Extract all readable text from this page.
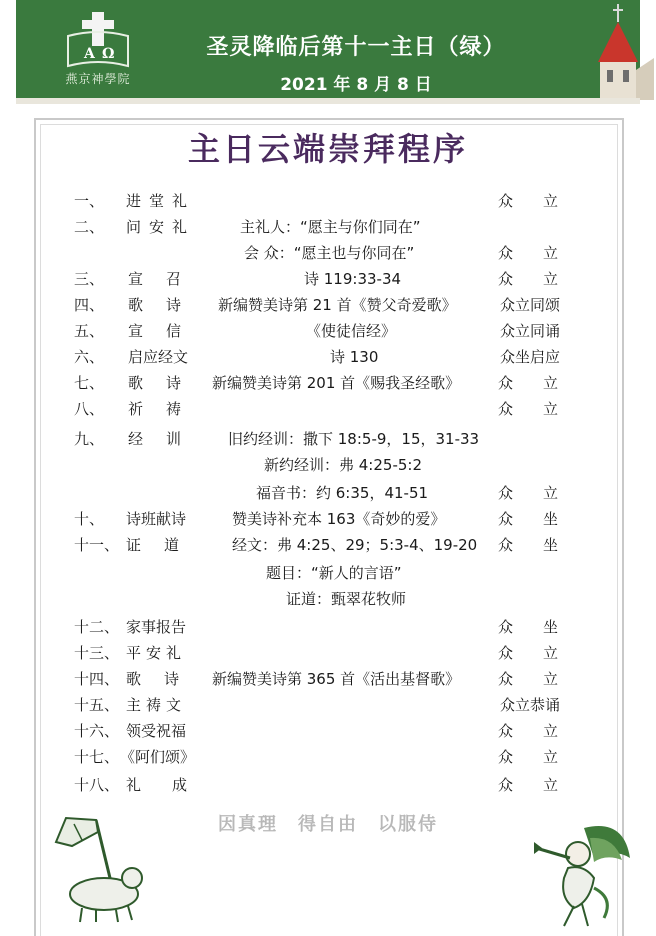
A Ω
燕京神學院
圣灵降临后第十一主日（绿）
2021 年 8 月 8 日
主日云端崇拜程序
一、 进堂礼	众　　立
二、 问安礼	主礼人：“愿主与你们同在”
会 众：“愿主也与你同在”	众　　立
三、 宣　召	诗 119:33-34	众　　立
四、 歌　诗 新编赞美诗第 21 首《赞父奇爱歌》	众立同颂
五、 宣　信	《使徒信经》	众立同诵
六、 启应经文	诗 130	众坐启应
七、 歌　诗 新编赞美诗第 201 首《赐我圣经歌》	众　　立
八、 祈　祷	众　　立
九、 经　训	旧约经训：撒下 18:5-9，15，31-33
新约经训：弗 4:25-5:2
福音书：约 6:35，41-51	众　　立
十、 诗班献诗	赞美诗补充本 163《奇妙的爱》	众　　坐
十一、 证　道	经文：弗 4:25、29；5:3-4、19-20 众　　坐
题目：“新人的言语”
证道：甄翠花牧师
十二、 家事报告	众　　坐
十三、 平安礼	众　　立
十四、 歌　诗 新编赞美诗第 365 首《活出基督歌》	众　　立
十五、 主祷文	众立恭诵
十六、 领受祝福	众　　立
十七、 《阿们颂》	众　　立
十八、 礼　成	众　　立
因真理　得自由　以服侍
